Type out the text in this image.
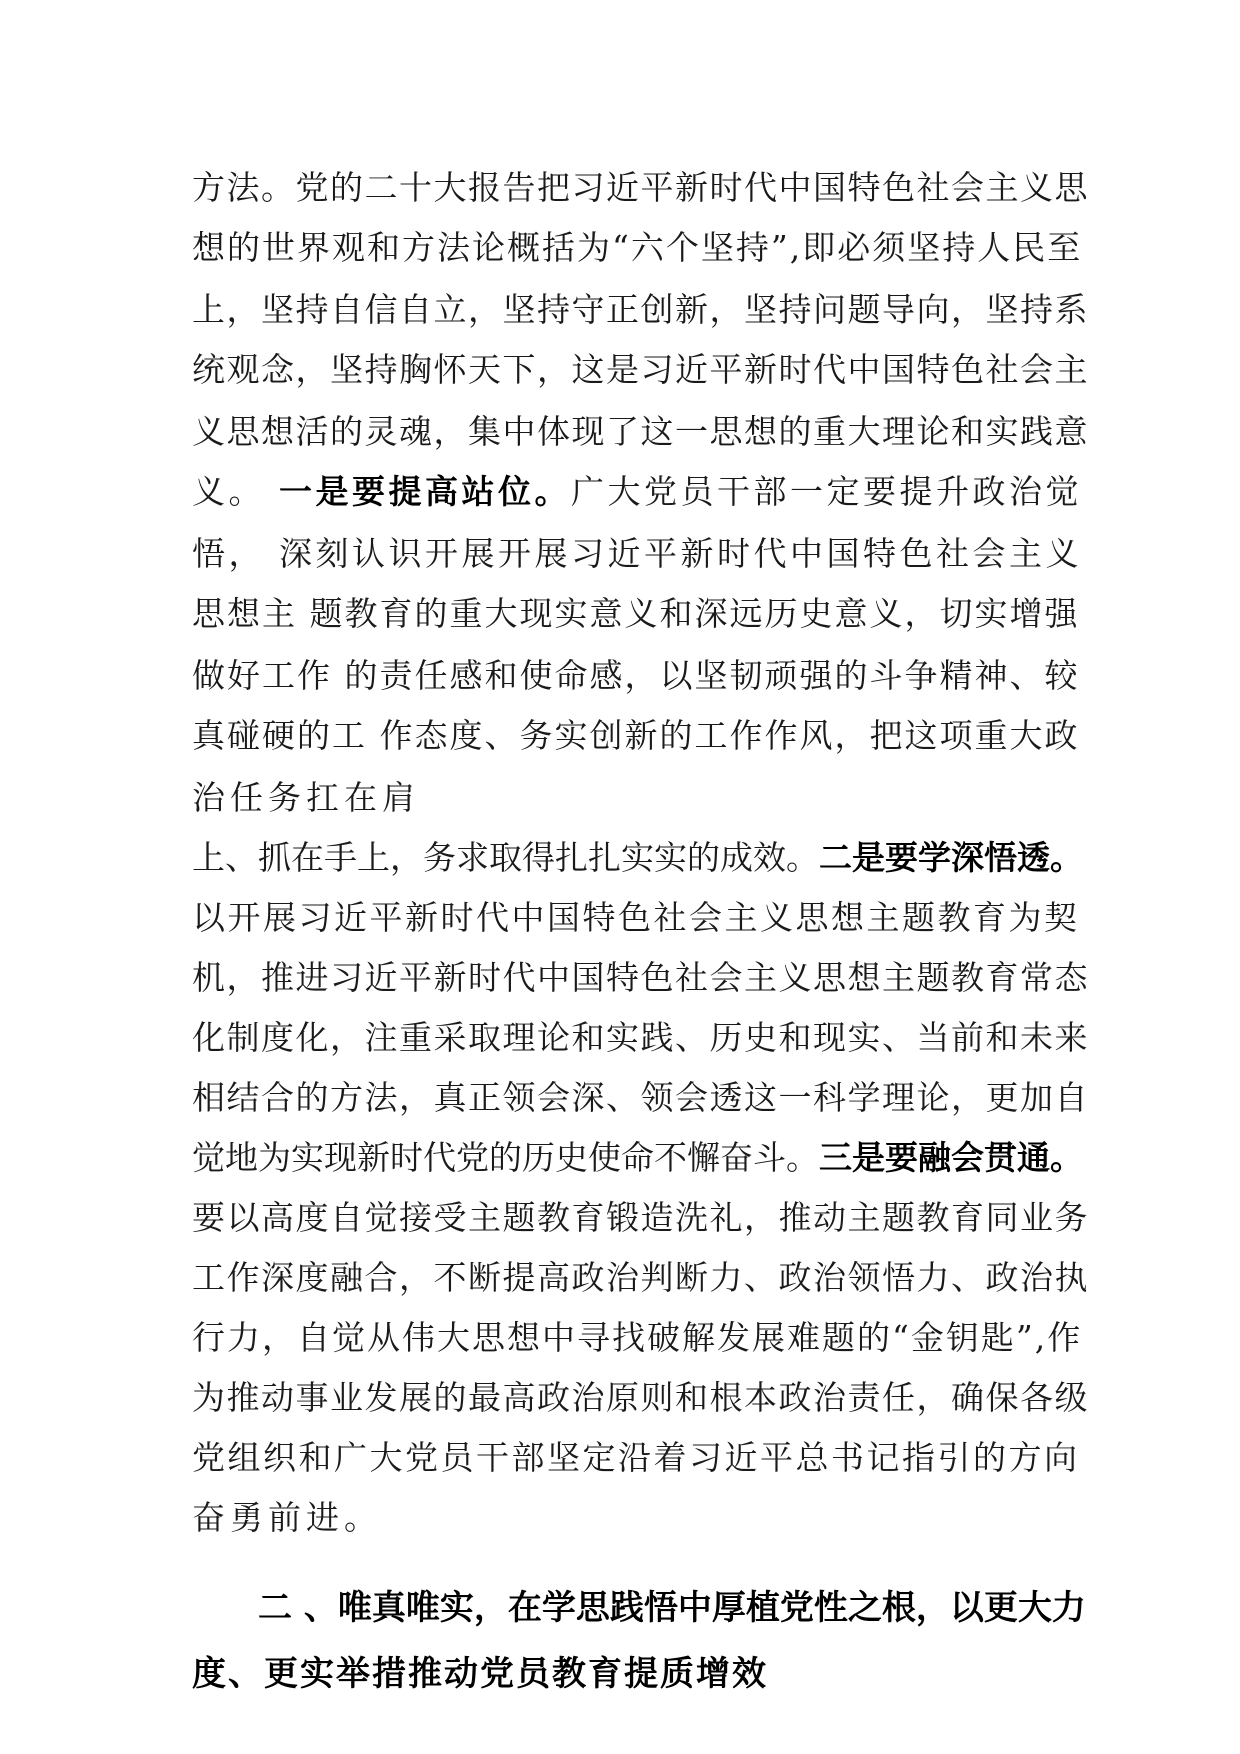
方法。党的二十大报告把习近平新时代中国特色社会主义思
想的世界观和方法论概括为“六个坚持”,即必须坚持人民至
上，坚持自信自立，坚持守正创新，坚持问题导向，坚持系
统观念，坚持胸怀天下，这是习近平新时代中国特色社会主
义思想活的灵魂，集中体现了这一思想的重大理论和实践意
义。 一是要提高站位。广大党员干部一定要提升政治觉
悟， 深刻认识开展开展习近平新时代中国特色社会主义
思想主 题教育的重大现实意义和深远历史意义，切实增强
做好工作 的责任感和使命感，以坚韧顽强的斗争精神、较
真碰硬的工 作态度、务实创新的工作作风，把这项重大政
治任务扛在肩
上、抓在手上，务求取得扎扎实实的成效。二是要学深悟透。
以开展习近平新时代中国特色社会主义思想主题教育为契
机，推进习近平新时代中国特色社会主义思想主题教育常态
化制度化，注重采取理论和实践、历史和现实、当前和未来
相结合的方法，真正领会深、领会透这一科学理论，更加自
觉地为实现新时代党的历史使命不懈奋斗。三是要融会贯通。
要以高度自觉接受主题教育锻造洗礼，推动主题教育同业务
工作深度融合，不断提高政治判断力、政治领悟力、政治执
行力，自觉从伟大思想中寻找破解发展难题的“金钥匙”,作
为推动事业发展的最高政治原则和根本政治责任，确保各级
党组织和广大党员干部坚定沿着习近平总书记指引的方向
奋勇前进。
二 、唯真唯实，在学思践悟中厚植党性之根，以更大力
度、更实举措推动党员教育提质增效
